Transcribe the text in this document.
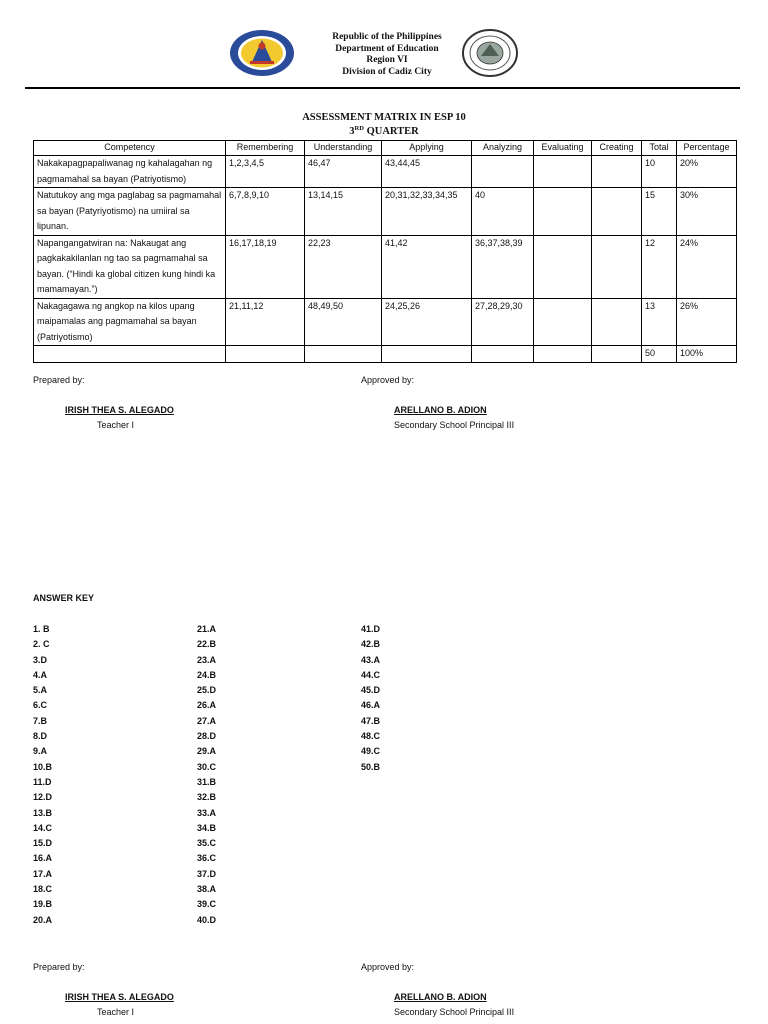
Republic of the Philippines
Department of Education
Region VI
Division of Cadiz City
ASSESSMENT MATRIX IN ESP 10
3RD QUARTER
Competency	Remembering	Understanding	Applying	Analyzing	Evaluating	Creating	Total	Percentage
Nakakapagpapaliwanag ng kahalagahan ng pagmamahal sa bayan (Patriyotismo)	1,2,3,4,5	46,47	43,44,45				10	20%
Natutukoy ang mga paglabag sa pagmamahal sa bayan (Patyriyotismo) na umiiral sa lipunan.	6,7,8,9,10	13,14,15	20,31,32,33,34,35	40			15	30%
Napangangatwiran na: Nakaugat ang pagkakakilanlan ng tao sa pagmamahal sa bayan. (“Hindi ka global citizen kung hindi ka mamamayan.”)	16,17,18,19	22,23	41,42	36,37,38,39			12	24%
Nakagagawa ng angkop na kilos upang maipamalas ang pagmamahal sa bayan (Patriyotismo)	21,11,12	48,49,50	24,25,26	27,28,29,30			13	26%
							50	100%
Prepared by:
IRISH THEA S. ALEGADO
Teacher I
Approved by:
ARELLANO B. ADION
Secondary School Principal III
ANSWER KEY
1. B
2. C
3.D
4.A
5.A
6.C
7.B
8.D
9.A
10.B
11.D
12.D
13.B
14.C
15.D
16.A
17.A
18.C
19.B
20.A
21.A
22.B
23.A
24.B
25.D
26.A
27.A
28.D
29.A
30.C
31.B
32.B
33.A
34.B
35.C
36.C
37.D
38.A
39.C
40.D
41.D
42.B
43.A
44.C
45.D
46.A
47.B
48.C
49.C
50.B
Prepared by:
IRISH THEA S. ALEGADO
Teacher I
Approved by:
ARELLANO B. ADION
Secondary School Principal III
